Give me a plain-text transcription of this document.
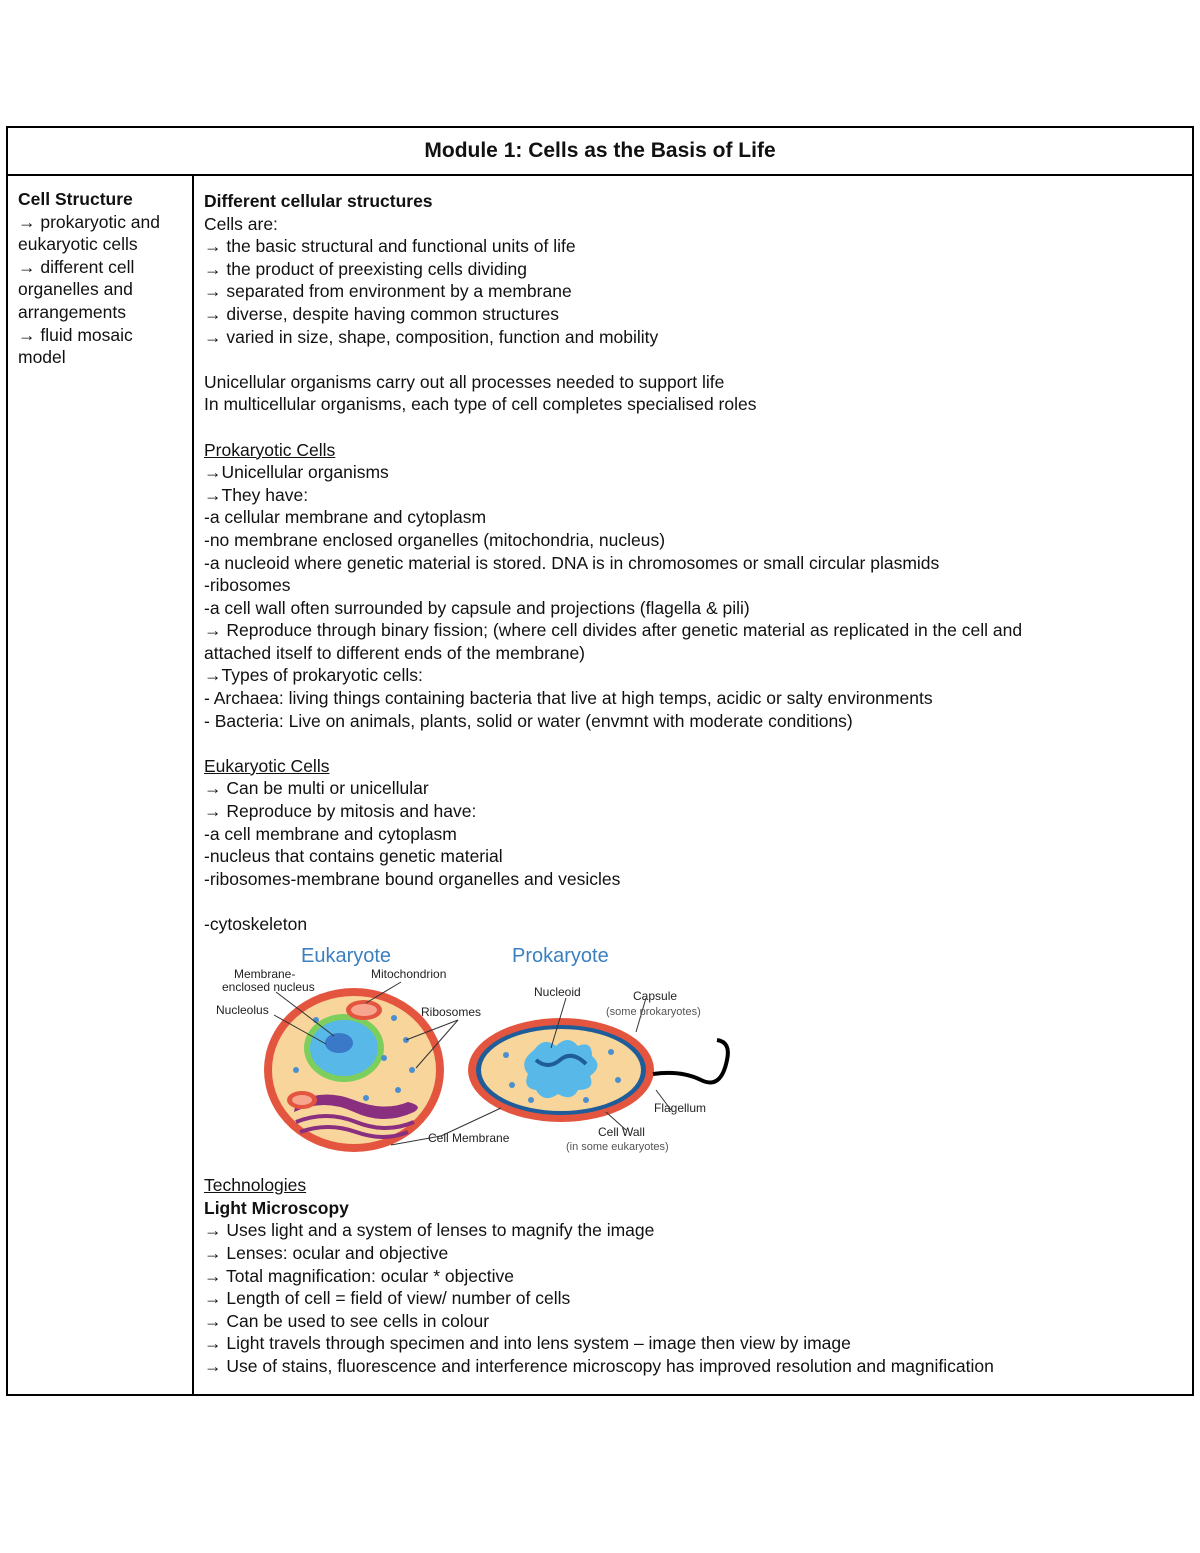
Module 1: Cells as the Basis of Life
Cell Structure
→ prokaryotic and
eukaryotic cells
→ different cell
organelles and
arrangements
→ fluid mosaic
model
Different cellular structures
Cells are:
→ the basic structural and functional units of life
→ the product of preexisting cells dividing
→ separated from environment by a membrane
→ diverse, despite having common structures
→ varied in size, shape, composition, function and mobility
Unicellular organisms carry out all processes needed to support life
In multicellular organisms, each type of cell completes specialised roles
Prokaryotic Cells
→Unicellular organisms
→They have:
-a cellular membrane and cytoplasm
-no membrane enclosed organelles (mitochondria, nucleus)
-a nucleoid where genetic material is stored. DNA is in chromosomes or small circular plasmids
-ribosomes
-a cell wall often surrounded by capsule and projections (flagella & pili)
→ Reproduce through binary fission; (where cell divides after genetic material as replicated in the cell and
attached itself to different ends of the membrane)
→Types of prokaryotic cells:
- Archaea: living things containing bacteria that live at high temps, acidic or salty environments
- Bacteria: Live on animals, plants, solid or water (envmnt with moderate conditions)
Eukaryotic Cells
→ Can be multi or unicellular
→ Reproduce by mitosis and have:
-a cell membrane and cytoplasm
-nucleus that contains genetic material
-ribosomes-membrane bound organelles and vesicles
-cytoskeleton
Eukaryote	Prokaryote
Membrane-
enclosed nucleus
Mitochondrion
Nucleolus	Ribosomes
Nucleoid	Capsule
(some prokaryotes)
Flagellum
Cell Membrane	Cell Wall
(in some eukaryotes)
Technologies
Light Microscopy
→ Uses light and a system of lenses to magnify the image
→ Lenses: ocular and objective
→ Total magnification: ocular * objective
→ Length of cell = field of view/ number of cells
→ Can be used to see cells in colour
→ Light travels through specimen and into lens system – image then view by image
→ Use of stains, fluorescence and interference microscopy has improved resolution and magnification
